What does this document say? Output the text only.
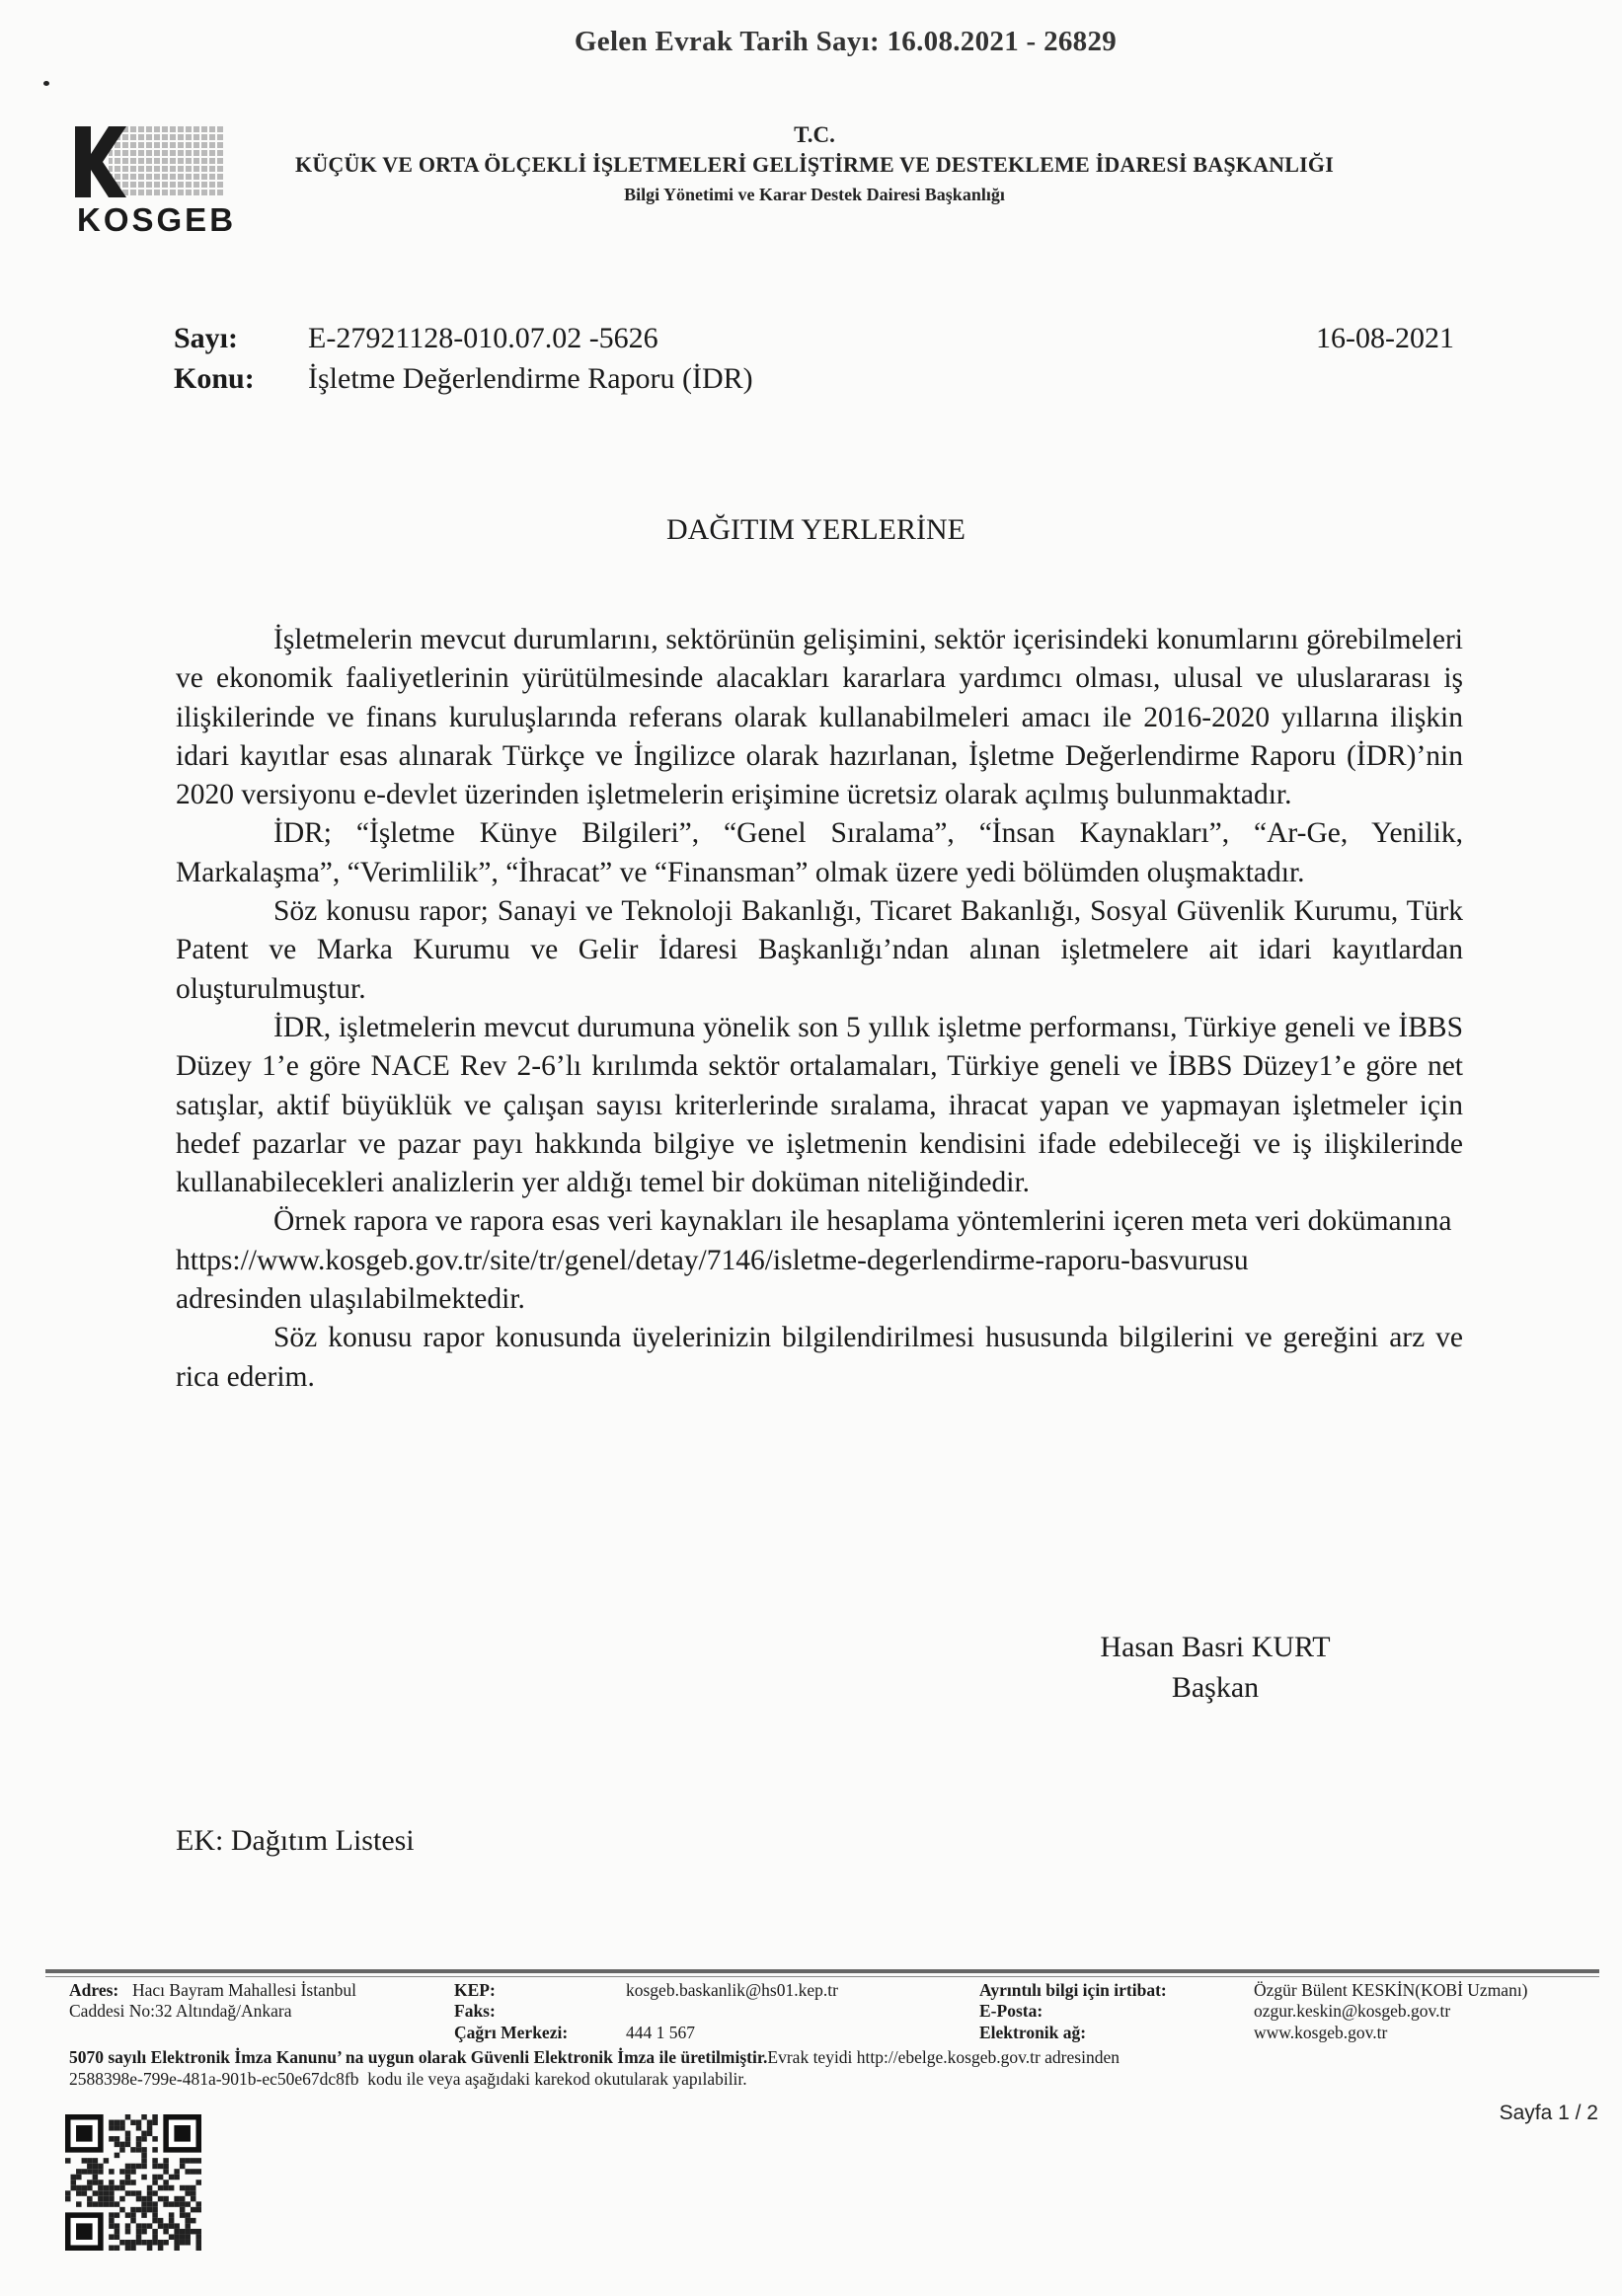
Gelen Evrak Tarih Sayı: 16.08.2021 - 26829
KOSGEB
T.C.
KÜÇÜK VE ORTA ÖLÇEKLİ İŞLETMELERİ GELİŞTİRME VE DESTEKLEME İDARESİ BAŞKANLIĞI
Bilgi Yönetimi ve Karar Destek Dairesi Başkanlığı
Sayı: E-27921128-010.07.02 -5626
Konu: İşletme Değerlendirme Raporu (İDR)
16-08-2021
DAĞITIM YERLERİNE

İşletmelerin mevcut durumlarını, sektörünün gelişimini, sektör içerisindeki konumlarını görebilmeleri ve ekonomik faaliyetlerinin yürütülmesinde alacakları kararlara yardımcı olması, ulusal ve uluslararası iş ilişkilerinde ve finans kuruluşlarında referans olarak kullanabilmeleri amacı ile 2016-2020 yıllarına ilişkin idari kayıtlar esas alınarak Türkçe ve İngilizce olarak hazırlanan, İşletme Değerlendirme Raporu (İDR)’nin 2020 versiyonu e-devlet üzerinden işletmelerin erişimine ücretsiz olarak açılmış bulunmaktadır.

İDR; “İşletme Künye Bilgileri”, “Genel Sıralama”, “İnsan Kaynakları”, “Ar-Ge, Yenilik, Markalaşma”, “Verimlilik”, “İhracat” ve “Finansman” olmak üzere yedi bölümden oluşmaktadır.

Söz konusu rapor; Sanayi ve Teknoloji Bakanlığı, Ticaret Bakanlığı, Sosyal Güvenlik Kurumu, Türk Patent ve Marka Kurumu ve Gelir İdaresi Başkanlığı’ndan alınan işletmelere ait idari kayıtlardan oluşturulmuştur.

İDR, işletmelerin mevcut durumuna yönelik son 5 yıllık işletme performansı, Türkiye geneli ve İBBS Düzey 1’e göre NACE Rev 2-6’lı kırılımda sektör ortalamaları, Türkiye geneli ve İBBS Düzey1’e göre net satışlar, aktif büyüklük ve çalışan sayısı kriterlerinde sıralama, ihracat yapan ve yapmayan işletmeler için hedef pazarlar ve pazar payı hakkında bilgiye ve işletmenin kendisini ifade edebileceği ve iş ilişkilerinde kullanabilecekleri analizlerin yer aldığı temel bir doküman niteliğindedir.

Örnek rapora ve rapora esas veri kaynakları ile hesaplama yöntemlerini içeren meta veri dokümanına

https://www.kosgeb.gov.tr/site/tr/genel/detay/7146/isletme-degerlendirme-raporu-basvurusu

adresinden ulaşılabilmektedir.

Söz konusu rapor konusunda üyelerinizin bilgilendirilmesi hususunda bilgilerini ve gereğini arz ve rica ederim.

Hasan Basri KURT
Başkan
EK: Dağıtım Listesi
Adres: Hacı Bayram Mahallesi İstanbul
Caddesi No:32 Altındağ/Ankara
KEP:	kosgeb.baskanlik@hs01.kep.tr
Faks:
Çağrı Merkezi:	444 1 567
Ayrıntılı bilgi için irtibat:	Özgür Bülent KESKİN(KOBİ Uzmanı)
E-Posta:	ozgur.keskin@kosgeb.gov.tr
Elektronik ağ:	www.kosgeb.gov.tr
5070 sayılı Elektronik İmza Kanunu’ na uygun olarak Güvenli Elektronik İmza ile üretilmiştir.Evrak teyidi http://ebelge.kosgeb.gov.tr adresinden
2588398e-799e-481a-901b-ec50e67dc8fb kodu ile veya aşağıdaki karekod okutularak yapılabilir.
Sayfa 1 / 2
